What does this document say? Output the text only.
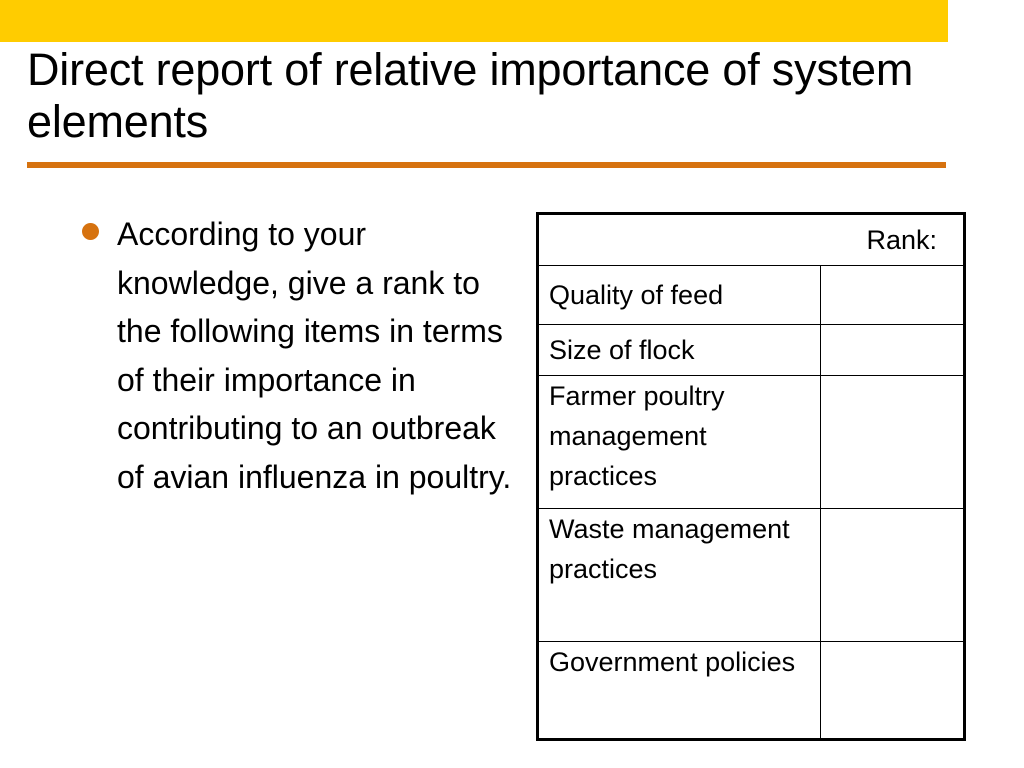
Direct report of relative importance of system elements
According to your knowledge, give a rank to the following items in terms of their importance in contributing to an outbreak of avian influenza in poultry.
Rank:	
Quality of feed	
Size of flock	
Farmer poultry management practices	
Waste management practices	
Government policies	
